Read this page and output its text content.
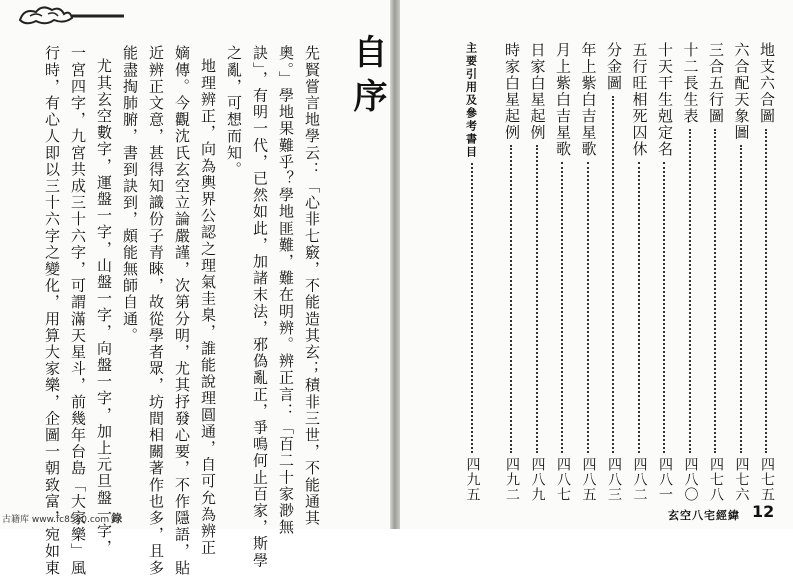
自序
先賢嘗言地學云：「心非七竅，不能造其玄；積非三世，不能通其
奧。」學地果難乎？學地匪難，難在明辨。辨正言：「百二十家渺無
訣」，有明一代，已然如此，加諸末法，邪偽亂正，爭鳴何止百家，斯學
之亂，可想而知。
地理辨正，向為輿界公認之理氣圭臬，誰能說理圓通，自可允為辨正
嫡傳。今觀沈氏玄空立論嚴謹，次第分明，尤其抒發心要，不作隱語，貼
近辨正文意，甚得知識份子青睞，故從學者眾，坊間相關著作也多，且多
能盡掏肺腑，書到訣到，頗能無師自通。
尤其玄空數字，運盤一字，山盤一字，向盤一字，加上元旦盤一字，
一宮四字，九宮共成三十六字，可謂滿天星斗，前幾年台島「大家樂」風
行時，有心人即以三十六字之變化，用算大家樂，企圖一朝致富，宛如東
古籍库 www.fc8520.com 錄
地支六合圖
四七五
六合配天象圖
四七六
三合五行圖
四七八
十二長生表
四八〇
十天干生剋定名
四八一
五行旺相死囚休
四八二
分金圖
四八三
年上紫白吉星歌
四八五
月上紫白吉星歌
四八七
日家白星起例
四八九
時家白星起例
四九二
主要引用及參考書目
四九五
玄空八宅經緯 12
